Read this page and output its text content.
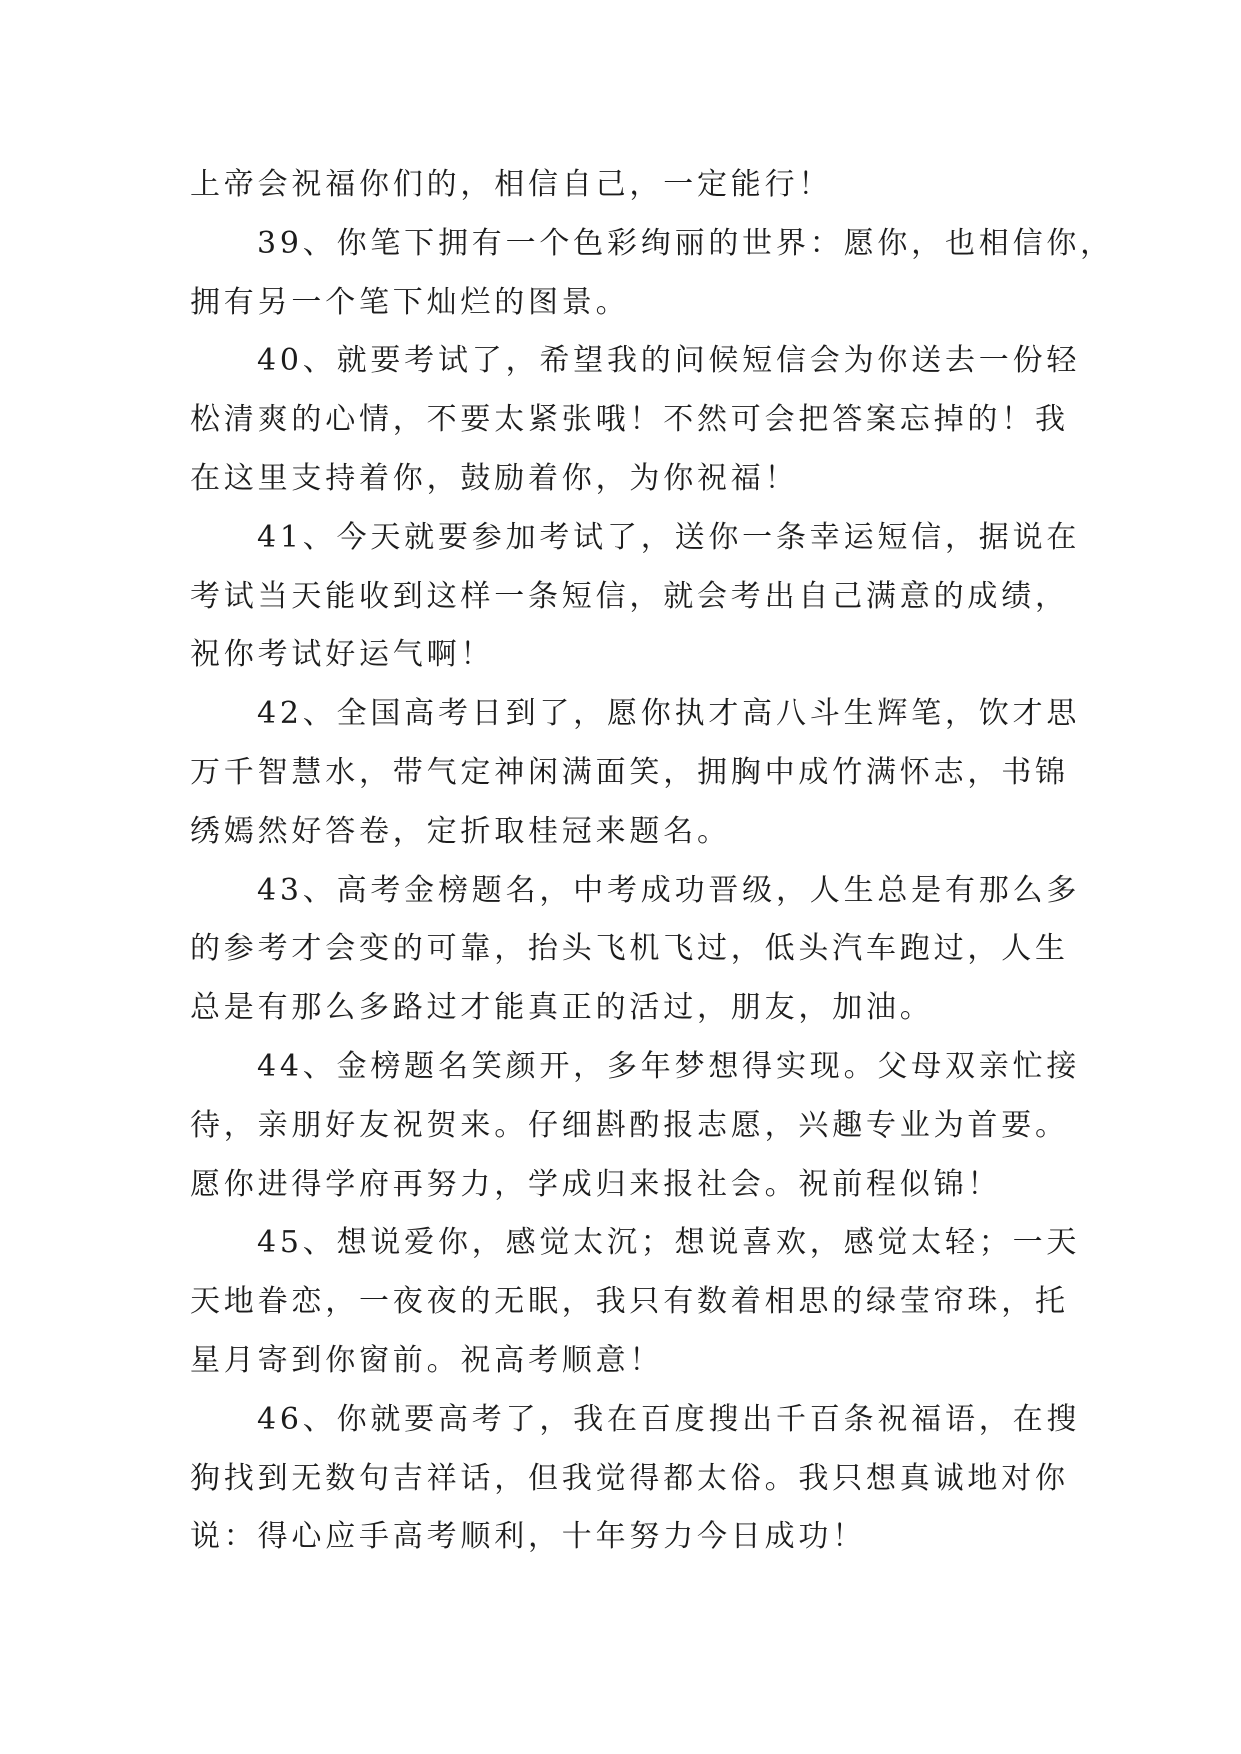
上帝会祝福你们的，相信自己，一定能行！
39、你笔下拥有一个色彩绚丽的世界：愿你，也相信你，
拥有另一个笔下灿烂的图景。
40、就要考试了，希望我的问候短信会为你送去一份轻
松清爽的心情，不要太紧张哦！不然可会把答案忘掉的！我
在这里支持着你，鼓励着你，为你祝福！
41、今天就要参加考试了，送你一条幸运短信，据说在
考试当天能收到这样一条短信，就会考出自己满意的成绩，
祝你考试好运气啊！
42、全国高考日到了，愿你执才高八斗生辉笔，饮才思
万千智慧水，带气定神闲满面笑，拥胸中成竹满怀志，书锦
绣嫣然好答卷，定折取桂冠来题名。
43、高考金榜题名，中考成功晋级，人生总是有那么多
的参考才会变的可靠，抬头飞机飞过，低头汽车跑过，人生
总是有那么多路过才能真正的活过，朋友，加油。
44、金榜题名笑颜开，多年梦想得实现。父母双亲忙接
待，亲朋好友祝贺来。仔细斟酌报志愿，兴趣专业为首要。
愿你进得学府再努力，学成归来报社会。祝前程似锦！
45、想说爱你，感觉太沉；想说喜欢，感觉太轻；一天
天地眷恋，一夜夜的无眠，我只有数着相思的绿莹帘珠，托
星月寄到你窗前。祝高考顺意！
46、你就要高考了，我在百度搜出千百条祝福语，在搜
狗找到无数句吉祥话，但我觉得都太俗。我只想真诚地对你
说：得心应手高考顺利，十年努力今日成功！
